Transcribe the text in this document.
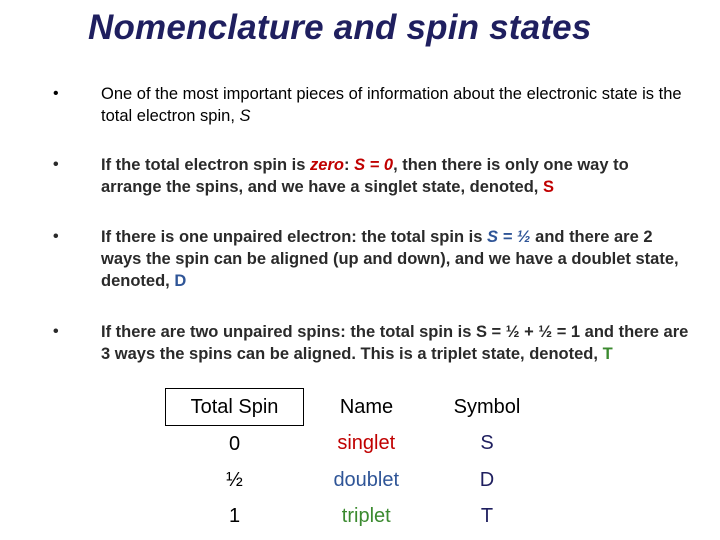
Nomenclature and spin states
•	One of the most important pieces of information about the electronic state is the total electron spin, S
•	If the total electron spin is zero: S = 0, then there is only one way to arrange the spins, and we have a singlet state, denoted, S
•	If there is one unpaired electron: the total spin is S = ½ and there are 2 ways the spin can be aligned (up and down), and we have a doublet state, denoted, D
•	If there are two unpaired spins: the total spin is S = ½ + ½ = 1 and there are 3 ways the spins can be aligned. This is a triplet state, denoted, T
Total Spin	Name	Symbol
0	singlet	S
½	doublet	D
1	triplet	T
